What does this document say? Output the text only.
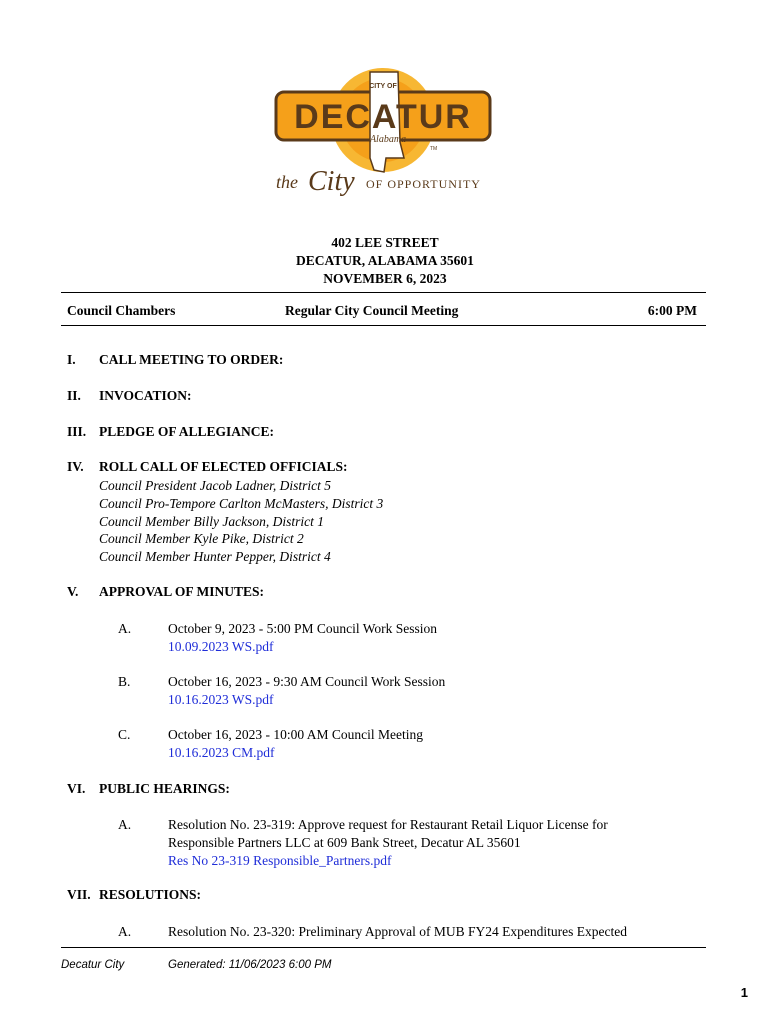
CITY OF
DECATUR
Alabama
TM
the City OF OPPORTUNITY
402 LEE STREET
DECATUR, ALABAMA 35601
NOVEMBER 6, 2023
Council Chambers	Regular City Council Meeting	6:00 PM
I. CALL MEETING TO ORDER:
II. INVOCATION:
III. PLEDGE OF ALLEGIANCE:
IV. ROLL CALL OF ELECTED OFFICIALS:
Council President Jacob Ladner, District 5
Council Pro-Tempore Carlton McMasters, District 3
Council Member Billy Jackson, District 1
Council Member Kyle Pike, District 2
Council Member Hunter Pepper, District 4
V. APPROVAL OF MINUTES:
A.	October 9, 2023 - 5:00 PM Council Work Session
10.09.2023 WS.pdf
B.	October 16, 2023 - 9:30 AM Council Work Session
10.16.2023 WS.pdf
C.	October 16, 2023 - 10:00 AM Council Meeting
10.16.2023 CM.pdf
VI. PUBLIC HEARINGS:
A.	Resolution No. 23-319: Approve request for Restaurant Retail Liquor License for
Responsible Partners LLC at 609 Bank Street, Decatur AL 35601
Res No 23-319 Responsible_Partners.pdf
VII. RESOLUTIONS:
A.	Resolution No. 23-320: Preliminary Approval of MUB FY24 Expenditures Expected
Decatur City	Generated: 11/06/2023 6:00 PM
1
